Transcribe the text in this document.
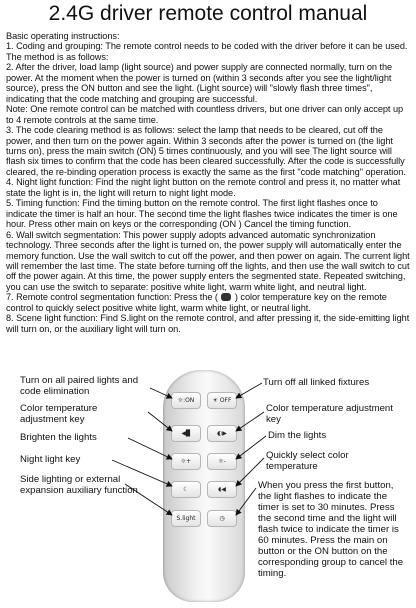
2.4G driver remote control manual

Basic operating instructions:

1. Coding and grouping: The remote control needs to be coded with the driver before it can be used. The method is as follows:

2. After the driver, load lamp (light source) and power supply are connected normally, turn on the power. At the moment when the power is turned on (within 3 seconds after you see the light/light source), press the ON button and see the light. (Light source) will "slowly flash three times", indicating that the code matching and grouping are successful.

Note: One remote control can be matched with countless drivers, but one driver can only accept up to 4 remote controls at the same time.

3. The code clearing method is as follows: select the lamp that needs to be cleared, cut off the power, and then turn on the power again. Within 3 seconds after the power is turned on (the light turns on), press the main switch (ON) 5 times continuously, and you will see The light source will flash six times to confirm that the code has been cleared successfully. After the code is successfully cleared, the re-binding operation process is exactly the same as the first "code matching" operation.

4. Night light function: Find the night light button on the remote control and press it, no matter what state the light is in, the light will return to night light mode.

5. Timing function: Find the timing button on the remote control. The first light flashes once to indicate the timer is half an hour. The second time the light flashes twice indicates the timer is one hour. Press other main on keys or the corresponding (ON ) Cancel the timing function.

6. Wall switch segmentation: This power supply adopts advanced automatic synchronization technology. Three seconds after the light is turned on, the power supply will automatically enter the memory function. Use the wall switch to cut off the power, and then power on again. The current light will remember the last time. The state before turning off the lights, and then use the wall switch to cut off the power again. At this time, the power supply enters the segmented state. Repeated switching, you can use the switch to separate: positive white light, warm white light, and neutral light.

7. Remote control segmentation function: Press the (  ) color temperature key on the remote control to quickly select positive white light, warm white light, or neutral light.

8. Scene light function: Find S.light on the remote control, and after pressing it, the side-emitting light will turn on, or the auxiliary light will turn on.

☼:ON	☀ OFF
◀▉	◐▶
☼+	☼-
☾	◖◀
S.light	◷
Turn on all paired lights and code elimination
Turn off all linked fixtures
Color temperature adjustment key
Color temperature adjustment key
Brighten the lights	Dim the lights
Night light key	Quickly select color temperature
Side lighting or external expansion auxiliary function	When you press the first button, the light flashes to indicate the timer is set to 30 minutes. Press the second time and the light will flash twice to indicate the timer is 60 minutes. Press the main on button or the ON button on the corresponding group to cancel the timing.
